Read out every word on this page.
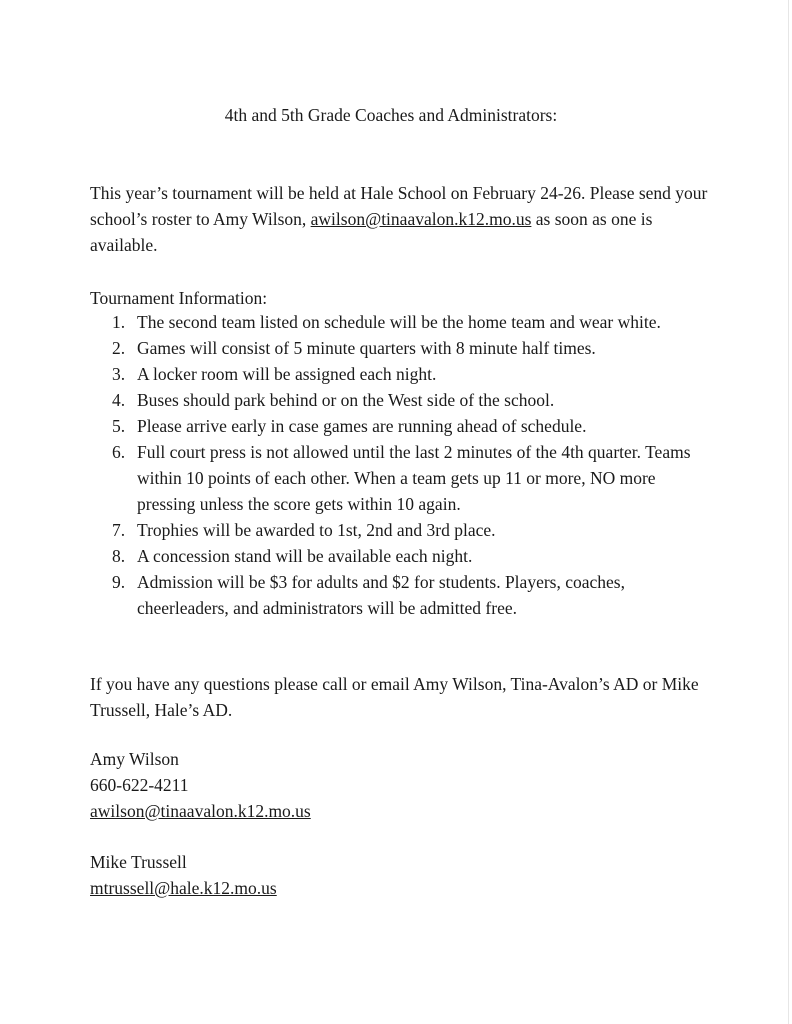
4th and 5th Grade Coaches and Administrators:

This year’s tournament will be held at Hale School on February 24-26. Please send your school’s roster to Amy Wilson, awilson@tinaavalon.k12.mo.us as soon as one is available.

Tournament Information:

1. The second team listed on schedule will be the home team and wear white.
2. Games will consist of 5 minute quarters with 8 minute half times.
3. A locker room will be assigned each night.
4. Buses should park behind or on the West side of the school.
5. Please arrive early in case games are running ahead of schedule.
6. Full court press is not allowed until the last 2 minutes of the 4th quarter. Teams within 10 points of each other. When a team gets up 11 or more, NO more pressing unless the score gets within 10 again.
7. Trophies will be awarded to 1st, 2nd and 3rd place.
8. A concession stand will be available each night.
9. Admission will be $3 for adults and $2 for students. Players, coaches, cheerleaders, and administrators will be admitted free.

If you have any questions please call or email Amy Wilson, Tina-Avalon’s AD or Mike Trussell, Hale’s AD.

Amy Wilson
660-622-4211
awilson@tinaavalon.k12.mo.us
Mike Trussell
mtrussell@hale.k12.mo.us
